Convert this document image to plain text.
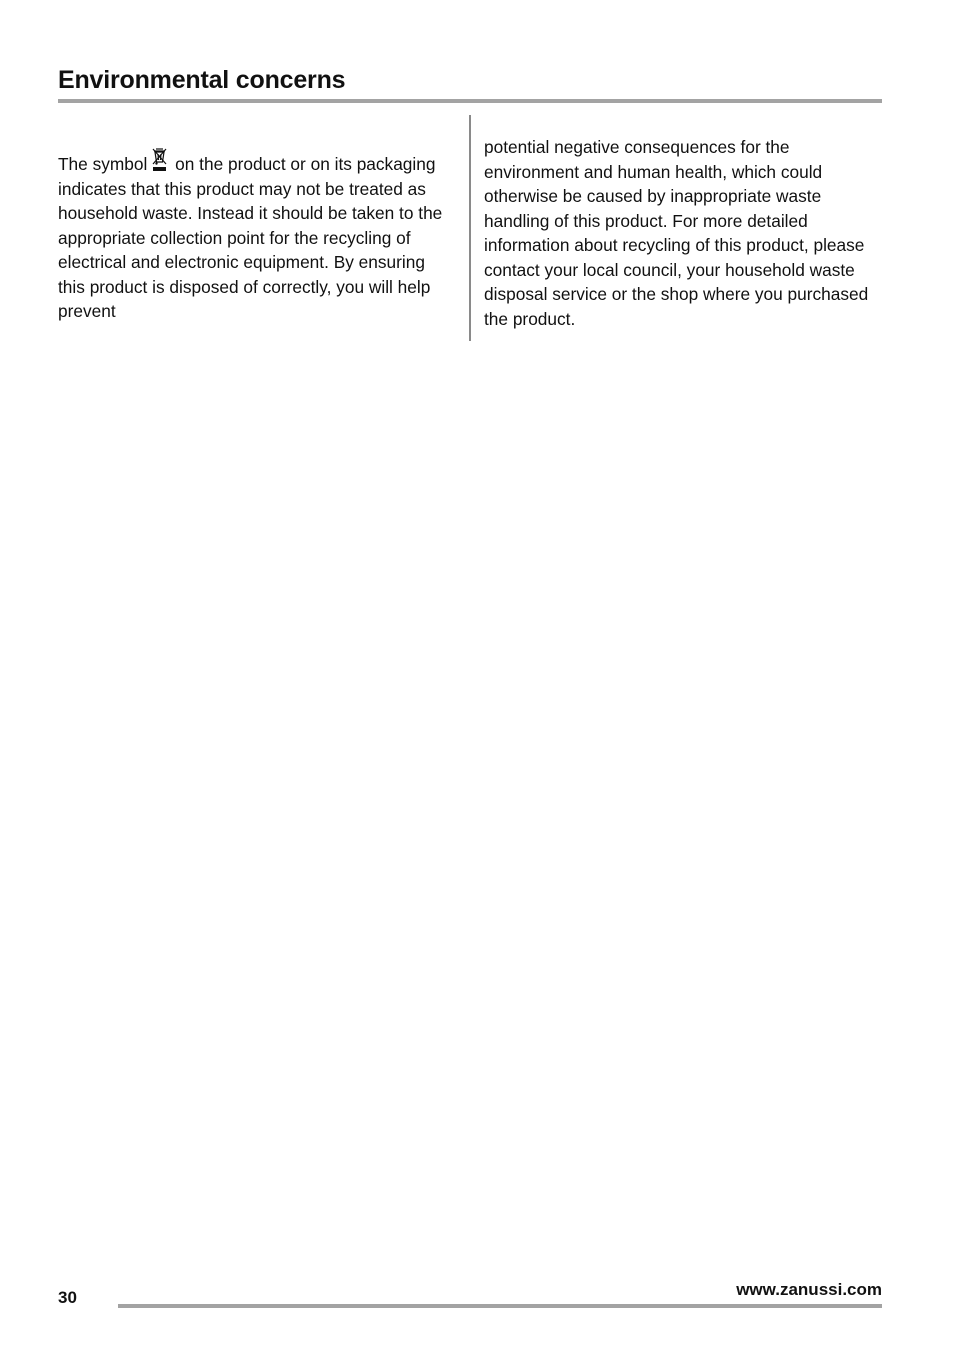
Environmental concerns

The symbol on the product or on its packaging indicates that this product may not be treated as household waste. Instead it should be taken to the appropriate collection point for the recycling of electrical and electronic equipment. By ensuring this product is disposed of correctly, you will help prevent

potential negative consequences for the environment and human health, which could otherwise be caused by inappropriate waste handling of this product. For more detailed information about recycling of this product, please contact your local council, your household waste disposal service or the shop where you purchased the product.

30	www.zanussi.com
